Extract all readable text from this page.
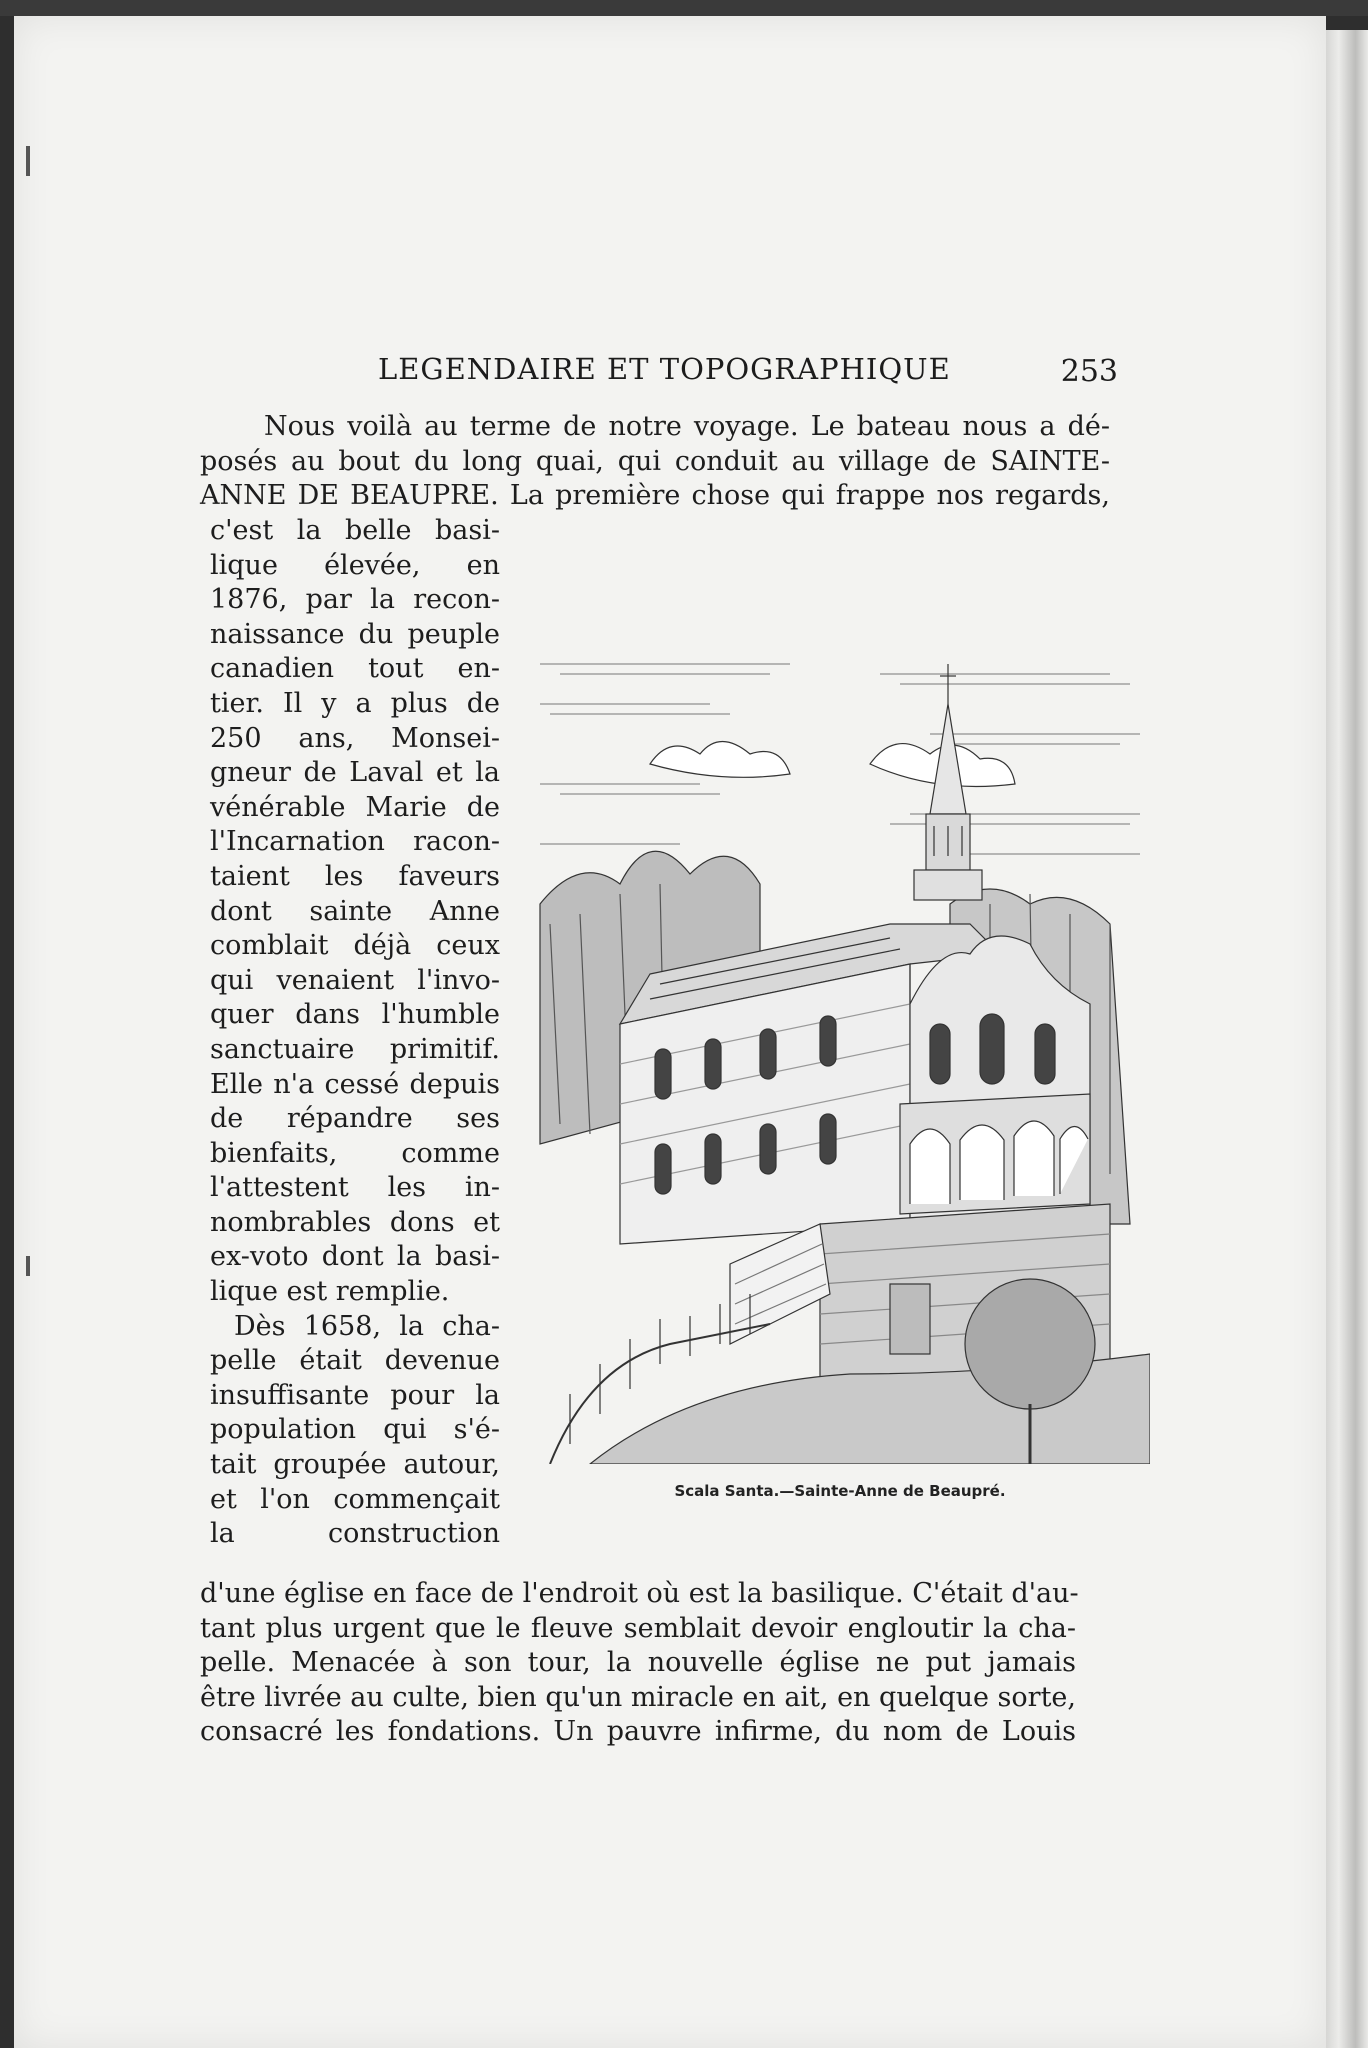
LEGENDAIRE ET TOPOGRAPHIQUE	253
Nous voilà au terme de notre voyage. Le bateau nous a dé-
posés au bout du long quai, qui conduit au village de SAINTE-
ANNE DE BEAUPRE. La première chose qui frappe nos regards,
c'est la belle basi-
lique élevée, en
1876, par la recon-
naissance du peuple
canadien tout en-
tier. Il y a plus de
250 ans, Monsei-
gneur de Laval et la
vénérable Marie de
l'Incarnation racon-
taient les faveurs
dont sainte Anne
comblait déjà ceux
qui venaient l'invo-
quer dans l'humble
sanctuaire primitif.
Elle n'a cessé depuis
de répandre ses
bienfaits, comme
l'attestent les in-
nombrables dons et
ex-voto dont la basi-
lique est remplie.
Dès 1658, la cha-
pelle était devenue
insuffisante pour la
population qui s'é-
tait groupée autour,
et l'on commençait
la construction
d'une église en face de l'endroit où est la basilique. C'était d'au-
tant plus urgent que le fleuve semblait devoir engloutir la cha-
pelle. Menacée à son tour, la nouvelle église ne put jamais
être livrée au culte, bien qu'un miracle en ait, en quelque sorte,
consacré les fondations. Un pauvre infirme, du nom de Louis
Scala Santa.—Sainte-Anne de Beaupré.
